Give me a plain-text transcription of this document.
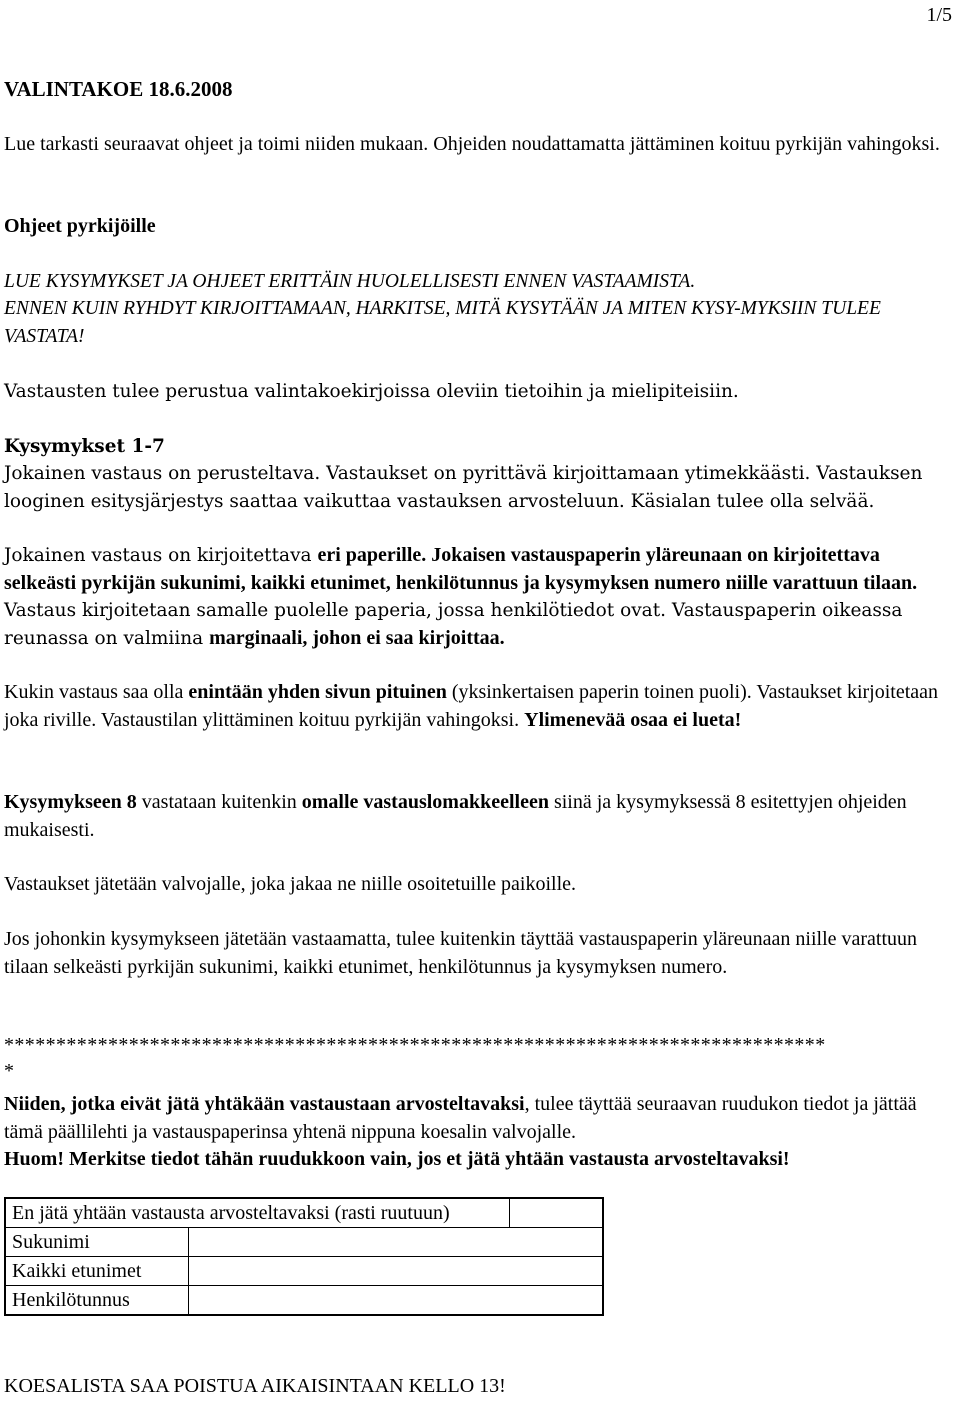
1/5
VALINTAKOE 18.6.2008
Lue tarkasti seuraavat ohjeet ja toimi niiden mukaan. Ohjeiden noudattamatta jättäminen koituu pyrkijän vahingoksi.
Ohjeet pyrkijöille
LUE KYSYMYKSET JA OHJEET ERITTÄIN HUOLELLISESTI ENNEN VASTAAMISTA.
ENNEN KUIN RYHDYT KIRJOITTAMAAN, HARKITSE, MITÄ KYSYTÄÄN JA MITEN KYSY-MYKSIIN TULEE VASTATA!
Vastausten tulee perustua valintakoekirjoissa oleviin tietoihin ja mielipiteisiin.
Kysymykset 1-7
Jokainen vastaus on perusteltava. Vastaukset on pyrittävä kirjoittamaan ytimekkäästi. Vastauksen looginen esitysjärjestys saattaa vaikuttaa vastauksen arvosteluun. Käsialan tulee olla selvää.
Jokainen vastaus on kirjoitettava eri paperille. Jokaisen vastauspaperin yläreunaan on kirjoitettava selkeästi pyrkijän sukunimi, kaikki etunimet, henkilötunnus ja kysymyksen numero niille varattuun tilaan. Vastaus kirjoitetaan samalle puolelle paperia, jossa henkilötiedot ovat. Vastauspaperin oikeassa reunassa on valmiina marginaali, johon ei saa kirjoittaa.
Kukin vastaus saa olla enintään yhden sivun pituinen (yksinkertaisen paperin toinen puoli). Vastaukset kirjoitetaan joka riville. Vastaustilan ylittäminen koituu pyrkijän vahingoksi. Ylimenevää osaa ei lueta!
Kysymykseen 8 vastataan kuitenkin omalle vastauslomakkeelleen siinä ja kysymyksessä 8 esitettyjen ohjeiden mukaisesti.
Vastaukset jätetään valvojalle, joka jakaa ne niille osoitetuille paikoille.
Jos johonkin kysymykseen jätetään vastaamatta, tulee kuitenkin täyttää vastauspaperin yläreunaan niille varattuun tilaan selkeästi pyrkijän sukunimi, kaikki etunimet, henkilötunnus ja kysymyksen numero.
*******************************************************************************
*
Niiden, jotka eivät jätä yhtäkään vastaustaan arvosteltavaksi, tulee täyttää seuraavan ruudukon tiedot ja jättää tämä päällilehti ja vastauspaperinsa yhtenä nippuna koesalin valvojalle.
Huom! Merkitse tiedot tähän ruudukkoon vain, jos et jätä yhtään vastausta arvosteltavaksi!
En jätä yhtään vastausta arvosteltavaksi (rasti ruutuun)		
Sukunimi		
Kaikki etunimet		
Henkilötunnus		
KOESALISTA SAA POISTUA AIKAISINTAAN KELLO 13!
